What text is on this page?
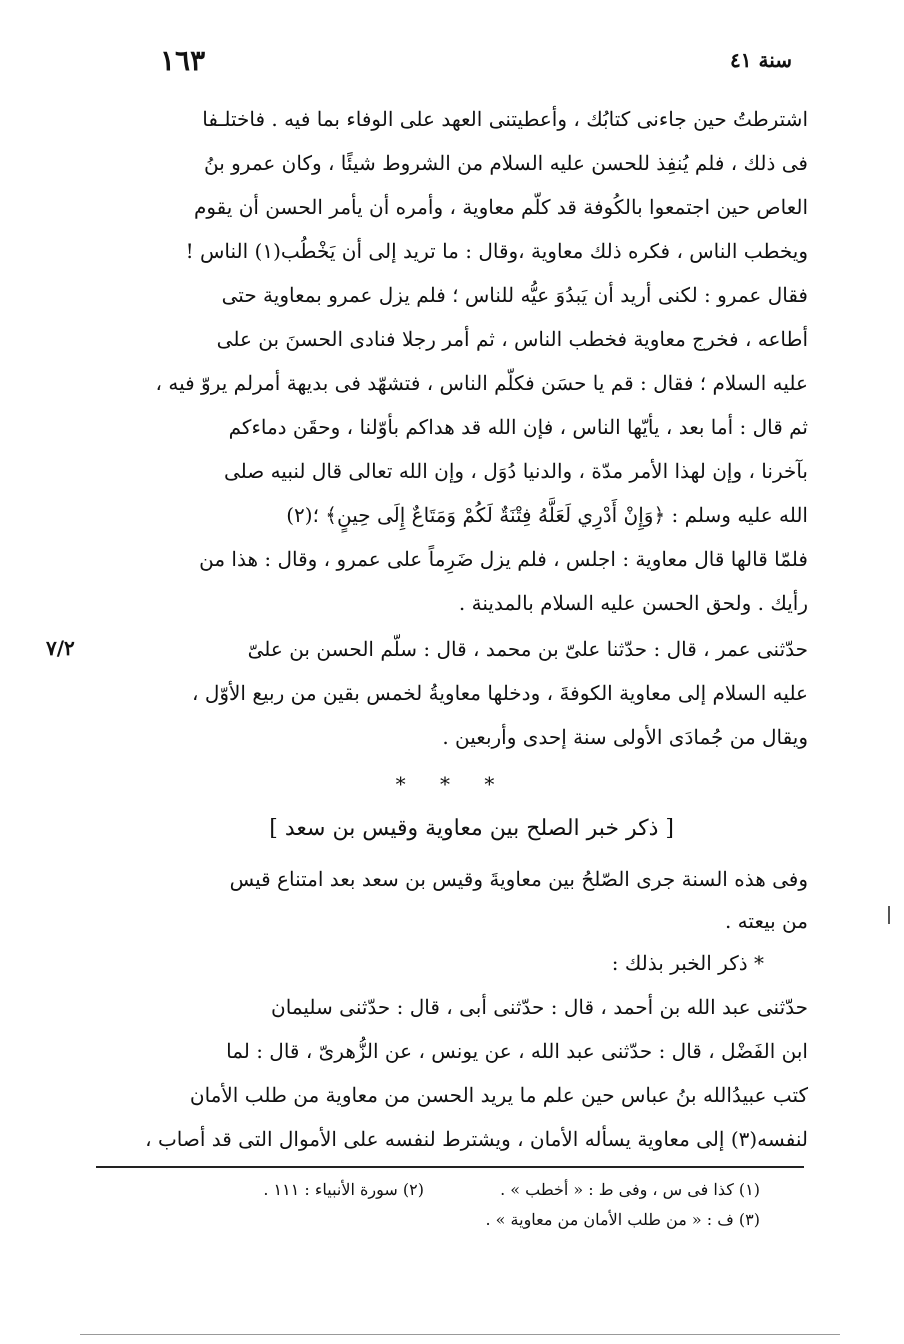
١٦٣	سنة ٤١
اشترطتُ حين جاءنى كتابُك ، وأعطيتنى العهد على الوفاء بما فيه . فاختلـفا
فى ذلك ، فلم يُنفِذ للحسن عليه السلام من الشروط شيئًا ، وكان عمرو بنُ
العاص حين اجتمعوا بالكُوفة قد كلّم معاوية ، وأمره أن يأمر الحسن أن يقوم
ويخطب الناس ، فكره ذلك معاوية ،وقال : ما تريد إلى أن يَخْطُب(١) الناس !
فقال عمرو : لكنى أريد أن يَبدُوَ عيُّه للناس ؛ فلم يزل عمرو بمعاوية حتى
أطاعه ، فخرج معاوية فخطب الناس ، ثم أمر رجلا فنادى الحسنَ بن على
عليه السلام ؛ فقال : قم يا حسَن فكلّم الناس ، فتشهّد فى بديهة أمرلم يروّ فيه ،
ثم قال : أما بعد ، يأيّها الناس ، فإن الله قد هداكم بأوّلنا ، وحقَن دماءكم
بآخرنا ، وإن لهذا الأمر مدّة ، والدنيا دُوَل ، وإن الله تعالى قال لنبيه صلى
الله عليه وسلم : ﴿وَإِنْ أَدْرِي لَعَلَّهُ فِتْنَةٌ لَكُمْ وَمَتَاعٌ إِلَى حِينٍ﴾ ؛(٢)
فلمّا قالها قال معاوية : اجلس ، فلم يزل ضَرِماً على عمرو ، وقال : هذا من
رأيك . ولحق الحسن عليه السلام بالمدينة .
٧/٢	حدّثنى عمر ، قال : حدّثنا علىّ بن محمد ، قال : سلّم الحسن بن علىّ
عليه السلام إلى معاوية الكوفةَ ، ودخلها معاويةُ لخمس بقين من ربيع الأوّل ،
ويقال من جُمادَى الأولى سنة إحدى وأربعين .
* * *
[ ذكر خبر الصلح بين معاوية وقيس بن سعد ]
وفى هذه السنة جرى الصّلحُ بين معاويةَ وقيس بن سعد بعد امتناع قيس
من بيعته .
* ذكر الخبر بذلك :
حدّثنى عبد الله بن أحمد ، قال : حدّثنى أبى ، قال : حدّثنى سليمان
ابن الفَضْل ، قال : حدّثنى عبد الله ، عن يونس ، عن الزُّهرىّ ، قال : لما
كتب عبيدُالله بنُ عباس حين علم ما يريد الحسن من معاوية من طلب الأمان
لنفسه(٣) إلى معاوية يسأله الأمان ، ويشترط لنفسه على الأموال التى قد أصاب ،
(١) كذا فى س ، وفى ط : « أخطب » .
(٢) سورة الأنبياء : ١١١ .
(٣) ف : « من طلب الأمان من معاوية » .
